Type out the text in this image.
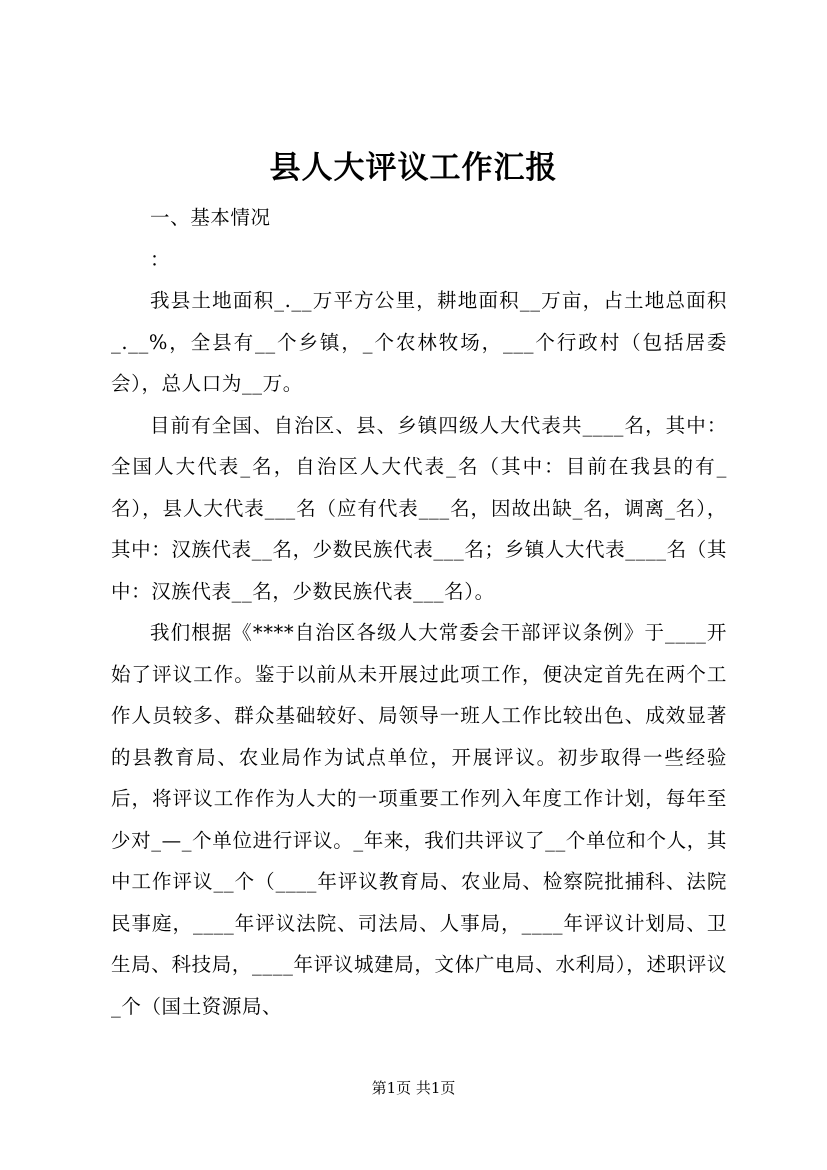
县人大评议工作汇报

一、基本情况

：

我县土地面积_.__万平方公里，耕地面积__万亩，占土地总面积_.__%，全县有__个乡镇，_个农林牧场，___个行政村（包括居委会），总人口为__万。

目前有全国、自治区、县、乡镇四级人大代表共____名，其中：全国人大代表_名，自治区人大代表_名（其中：目前在我县的有_名），县人大代表___名（应有代表___名，因故出缺_名，调离_名），其中：汉族代表__名，少数民族代表___名；乡镇人大代表____名（其中：汉族代表__名，少数民族代表___名）。

我们根据《****自治区各级人大常委会干部评议条例》于____开始了评议工作。鉴于以前从未开展过此项工作，便决定首先在两个工作人员较多、群众基础较好、局领导一班人工作比较出色、成效显著的县教育局、农业局作为试点单位，开展评议。初步取得一些经验后，将评议工作作为人大的一项重要工作列入年度工作计划，每年至少对_—_个单位进行评议。_年来，我们共评议了__个单位和个人，其中工作评议__个（____年评议教育局、农业局、检察院批捕科、法院民事庭，____年评议法院、司法局、人事局，____年评议计划局、卫生局、科技局，____年评议城建局，文体广电局、水利局），述职评议_个（国土资源局、

第1页 共1页
